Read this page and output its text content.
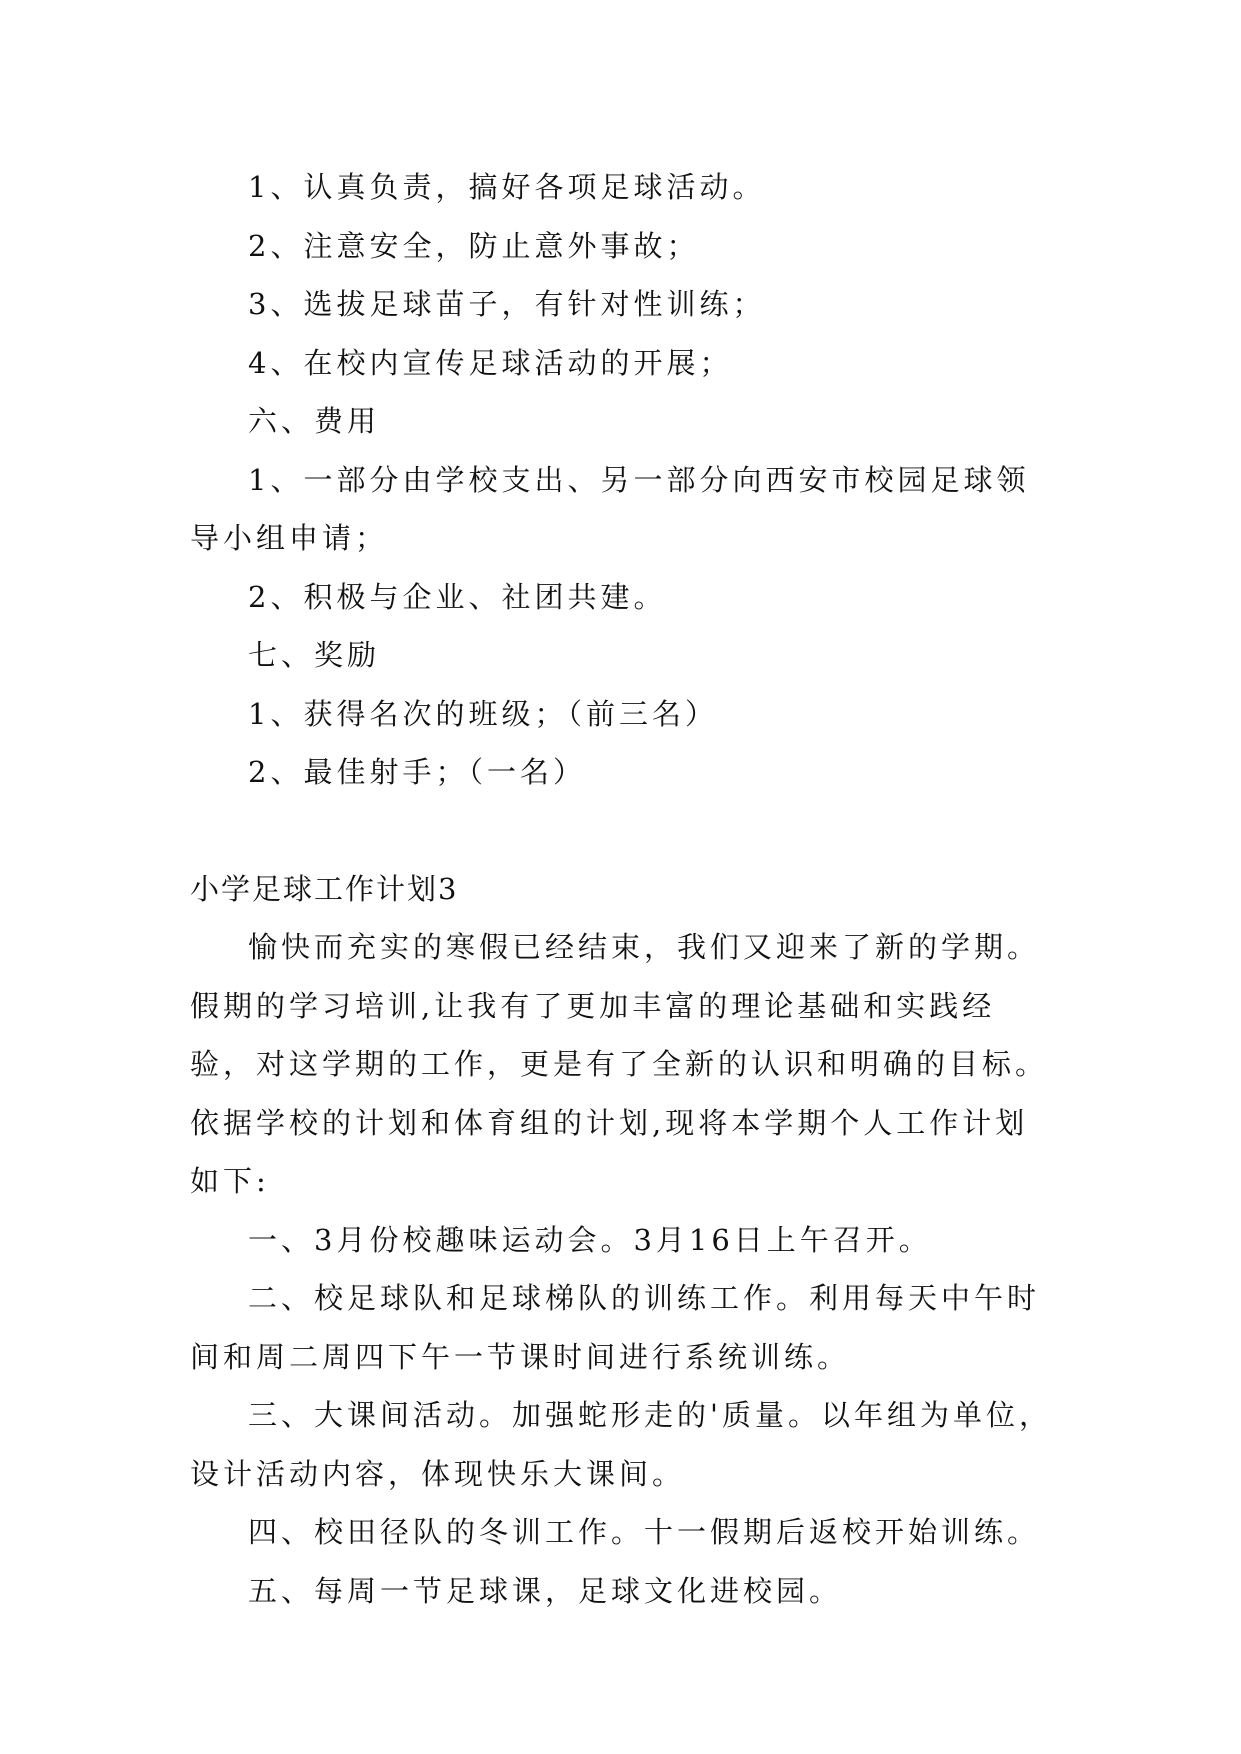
1、认真负责，搞好各项足球活动。

2、注意安全，防止意外事故；

3、选拔足球苗子，有针对性训练；

4、在校内宣传足球活动的开展；

六、费用

1、一部分由学校支出、另一部分向西安市校园足球领导小组申请；

2、积极与企业、社团共建。

七、奖励

1、获得名次的班级；（前三名）

2、最佳射手；（一名）

小学足球工作计划3

愉快而充实的寒假已经结束，我们又迎来了新的学期。假期的学习培训,让我有了更加丰富的理论基础和实践经验，对这学期的工作，更是有了全新的认识和明确的目标。依据学校的计划和体育组的计划,现将本学期个人工作计划如下:

一、3月份校趣味运动会。3月16日上午召开。

二、校足球队和足球梯队的训练工作。利用每天中午时间和周二周四下午一节课时间进行系统训练。

三、大课间活动。加强蛇形走的'质量。以年组为单位，设计活动内容，体现快乐大课间。

四、校田径队的冬训工作。十一假期后返校开始训练。

五、每周一节足球课，足球文化进校园。
